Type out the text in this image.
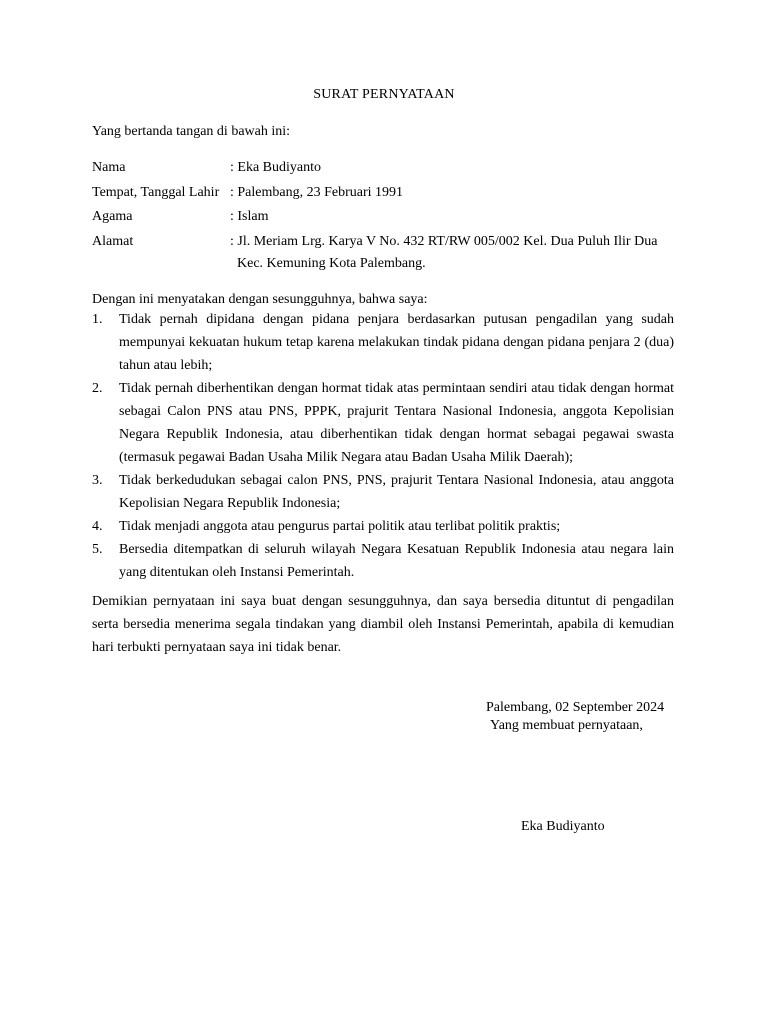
SURAT PERNYATAAN
Yang bertanda tangan di bawah ini:
Nama	: Eka Budiyanto
Tempat, Tanggal Lahir : Palembang, 23 Februari 1991
Agama	: Islam
Alamat	: Jl. Meriam Lrg. Karya V No. 432 RT/RW 005/002 Kel. Dua Puluh Ilir Dua Kec. Kemuning Kota Palembang.
Dengan ini menyatakan dengan sesungguhnya, bahwa saya:
1.	Tidak pernah dipidana dengan pidana penjara berdasarkan putusan pengadilan yang sudah mempunyai kekuatan hukum tetap karena melakukan tindak pidana dengan pidana penjara 2 (dua) tahun atau lebih;
2.	Tidak pernah diberhentikan dengan hormat tidak atas permintaan sendiri atau tidak dengan hormat sebagai Calon PNS atau PNS, PPPK, prajurit Tentara Nasional Indonesia, anggota Kepolisian Negara Republik Indonesia, atau diberhentikan tidak dengan hormat sebagai pegawai swasta (termasuk pegawai Badan Usaha Milik Negara atau Badan Usaha Milik Daerah);
3.	Tidak berkedudukan sebagai calon PNS, PNS, prajurit Tentara Nasional Indonesia, atau anggota Kepolisian Negara Republik Indonesia;
4.	Tidak menjadi anggota atau pengurus partai politik atau terlibat politik praktis;
5.	Bersedia ditempatkan di seluruh wilayah Negara Kesatuan Republik Indonesia atau negara lain yang ditentukan oleh Instansi Pemerintah.
Demikian pernyataan ini saya buat dengan sesungguhnya, dan saya bersedia dituntut di pengadilan serta bersedia menerima segala tindakan yang diambil oleh Instansi Pemerintah, apabila di kemudian hari terbukti pernyataan saya ini tidak benar.
Palembang, 02 September 2024
Yang membuat pernyataan,
Eka Budiyanto
